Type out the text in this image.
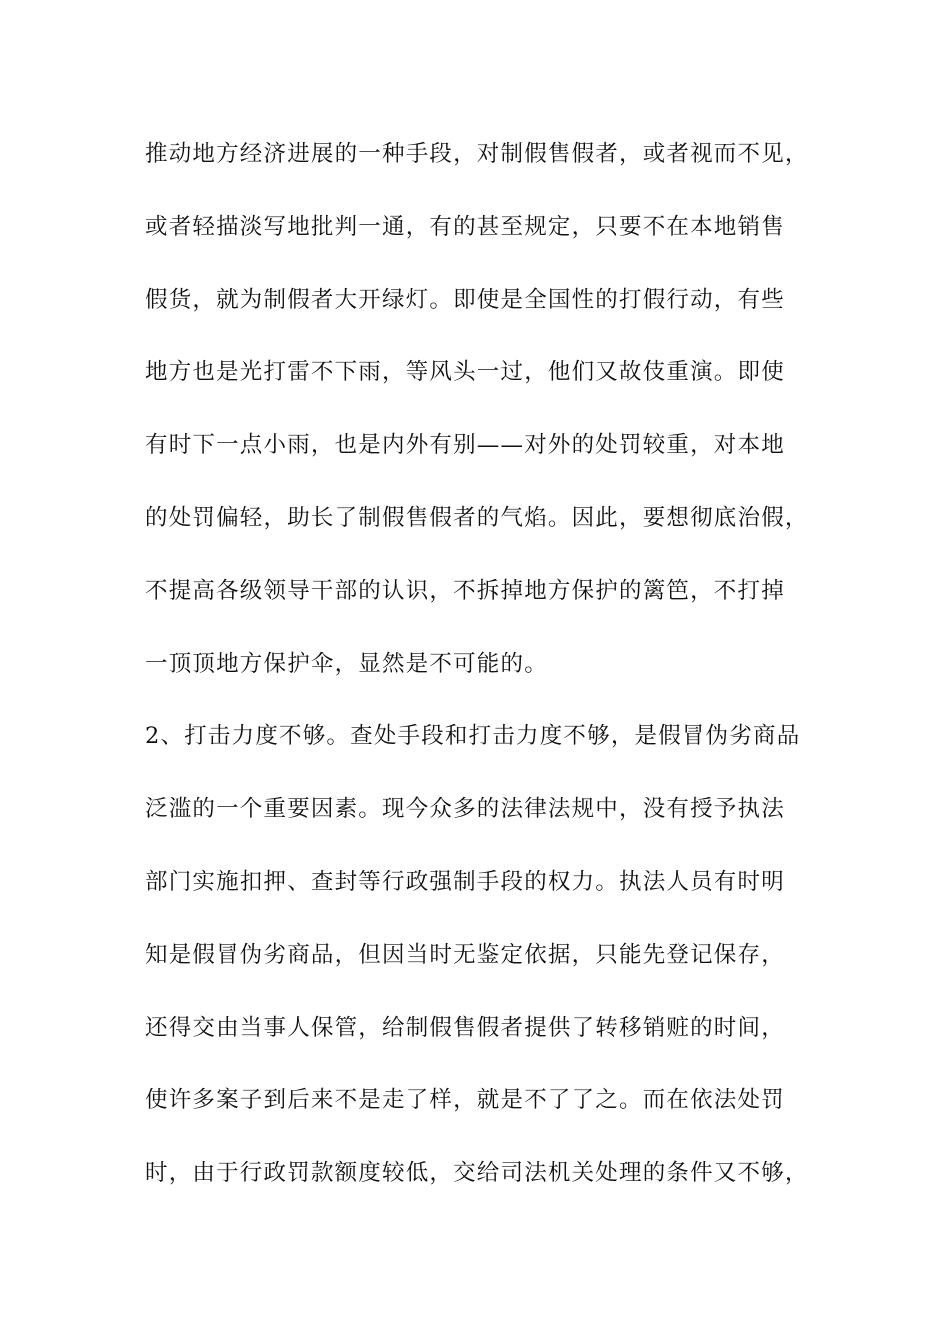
推动地方经济进展的一种手段，对制假售假者，或者视而不见，
或者轻描淡写地批判一通，有的甚至规定，只要不在本地销售
假货，就为制假者大开绿灯。即使是全国性的打假行动，有些
地方也是光打雷不下雨，等风头一过，他们又故伎重演。即使
有时下一点小雨，也是内外有别——对外的处罚较重，对本地
的处罚偏轻，助长了制假售假者的气焰。因此，要想彻底治假，
不提高各级领导干部的认识，不拆掉地方保护的篱笆，不打掉
一顶顶地方保护伞，显然是不可能的。
2、打击力度不够。查处手段和打击力度不够，是假冒伪劣商品
泛滥的一个重要因素。现今众多的法律法规中，没有授予执法
部门实施扣押、查封等行政强制手段的权力。执法人员有时明
知是假冒伪劣商品，但因当时无鉴定依据，只能先登记保存，
还得交由当事人保管，给制假售假者提供了转移销赃的时间，
使许多案子到后来不是走了样，就是不了了之。而在依法处罚
时，由于行政罚款额度较低，交给司法机关处理的条件又不够，
